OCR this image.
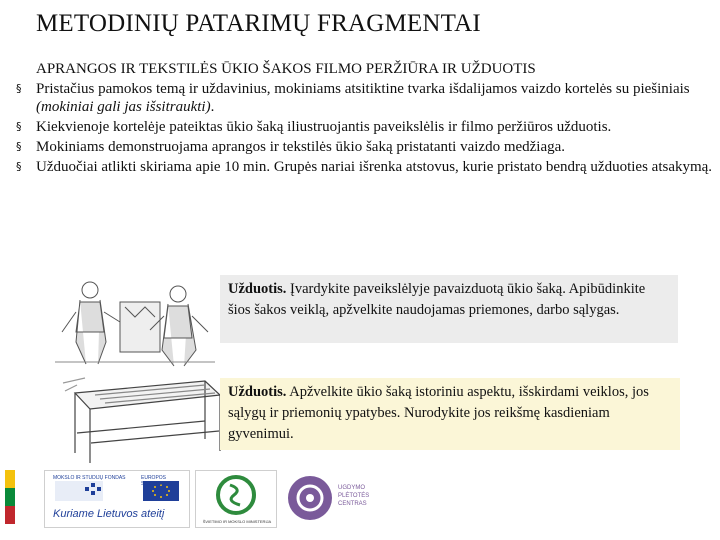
METODINIŲ PATARIMŲ FRAGMENTAI
APRANGOS IR TEKSTILĖS ŪKIO ŠAKOS FILMO PERŽIŪRA IR UŽDUOTIS
§ Pristačius pamokos temą ir uždavinius, mokiniams atsitiktine tvarka išdalijamos vaizdo kortelės su piešiniais (mokiniai gali jas išsitraukti).
§ Kiekvienoje kortelėje pateiktas ūkio šaką iliustruojantis paveikslėlis ir filmo peržiūros užduotis.
§ Mokiniams demonstruojama aprangos ir tekstilės ūkio šaką pristatanti vaizdo medžiaga.
§ Užduočiai atlikti skiriama apie 10 min. Grupės nariai išrenka atstovus, kurie pristato bendrą užduoties atsakymą.
Užduotis. Įvardykite paveikslėlyje pavaizduotą ūkio šaką. Apibūdinkite šios šakos veiklą, apžvelkite naudojamas priemones, darbo sąlygas.
Užduotis. Apžvelkite ūkio šaką istoriniu aspektu, išskirdami veiklos, jos sąlygų ir priemonių ypatybes. Nurodykite jos reikšmę kasdieniam gyvenimui.
MOKSLO IR STUDIJŲ FONDAS	EUROPOS SĄJUNGA
Kuriame Lietuvos ateitį
ŠVIETIMO IR MOKSLO MINISTERIJA
UGDYMO
PLĖTOTĖS
CENTRAS
